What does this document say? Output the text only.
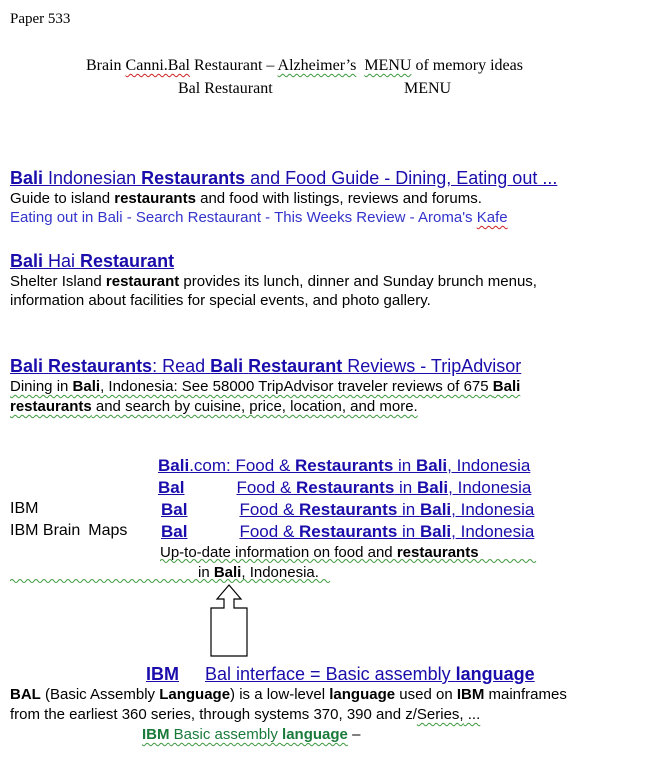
Paper 533
Brain Canni.Bal Restaurant – Alzheimer’s MENU of memory ideas
Bal Restaurant	MENU
Bali Indonesian Restaurants and Food Guide - Dining, Eating out ...
Guide to island restaurants and food with listings, reviews and forums.
Eating out in Bali - Search Restaurant - This Weeks Review - Aroma's Kafe
Bali Hai Restaurant
Shelter Island restaurant provides its lunch, dinner and Sunday brunch menus,
information about facilities for special events, and photo gallery.
Bali Restaurants: Read Bali Restaurant Reviews - TripAdvisor
Dining in Bali, Indonesia: See 58000 TripAdvisor traveler reviews of 675 Bali
restaurants and search by cuisine, price, location, and more.
Bali.com: Food & Restaurants in Bali, Indonesia
Bal	Food & Restaurants in Bali, Indonesia
Bal	Food & Restaurants in Bali, Indonesia
Bal	Food & Restaurants in Bali, Indonesia
IBM
IBM Brain Maps
Up-to-date information on food and restaurants
in Bali, Indonesia.
IBM Bal interface = Basic assembly language
BAL (Basic Assembly Language) is a low-level language used on IBM mainframes
from the earliest 360 series, through systems 370, 390 and z/Series, ...
IBM Basic assembly language –
